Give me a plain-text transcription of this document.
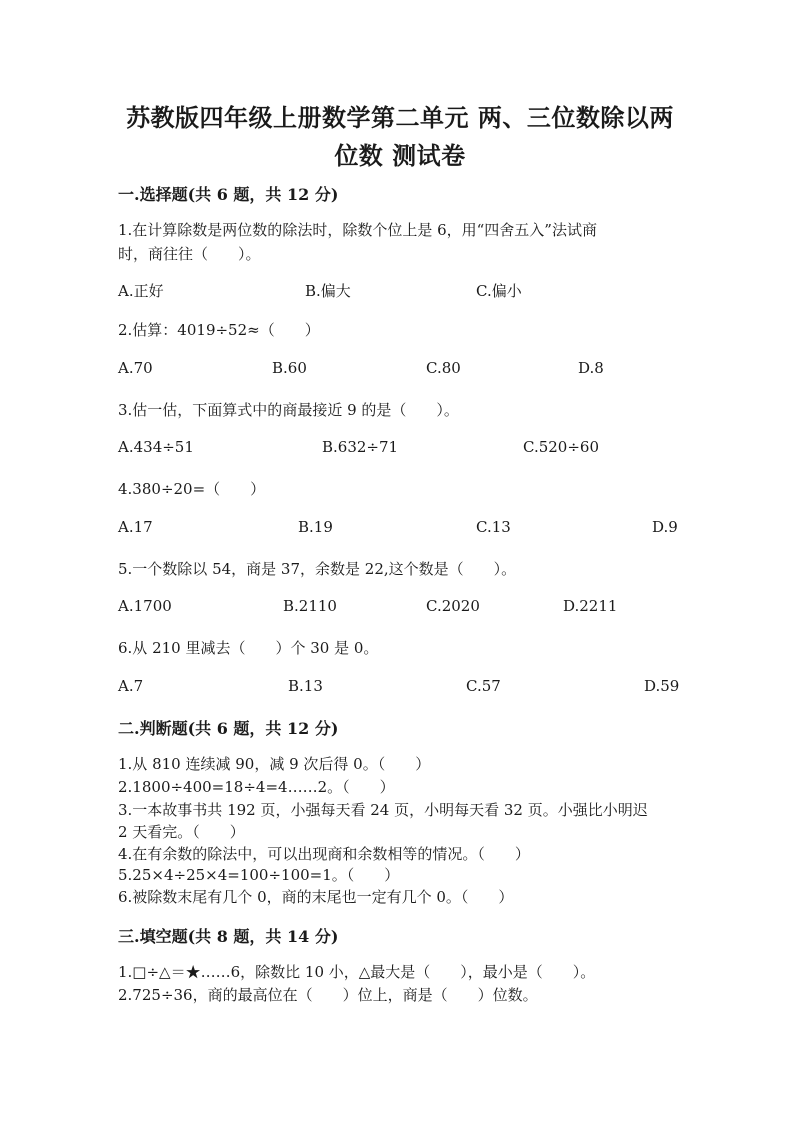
苏教版四年级上册数学第二单元 两、三位数除以两
位数 测试卷
一.选择题(共 6 题，共 12 分)
1.在计算除数是两位数的除法时，除数个位上是 6，用“四舍五入”法试商
时，商往往（　　）。
A.正好	B.偏大	C.偏小
2.估算：4019÷52≈（　　）
A.70	B.60	C.80	D.8
3.估一估，下面算式中的商最接近 9 的是（　　）。
A.434÷51	B.632÷71	C.520÷60
4.380÷20=（　　）
A.17	B.19	C.13	D.9
5.一个数除以 54，商是 37，余数是 22,这个数是（　　）。
A.1700	B.2110	C.2020	D.2211
6.从 210 里减去（　　）个 30 是 0。
A.7	B.13	C.57	D.59
二.判断题(共 6 题，共 12 分)
1.从 810 连续减 90，减 9 次后得 0。（　　）
2.1800÷400=18÷4=4……2。（　　）
3.一本故事书共 192 页，小强每天看 24 页，小明每天看 32 页。小强比小明迟
2 天看完。（　　）
4.在有余数的除法中，可以出现商和余数相等的情况。（　　）
5.25×4÷25×4=100÷100=1。（　　）
6.被除数末尾有几个 0，商的末尾也一定有几个 0。（　　）
三.填空题(共 8 题，共 14 分)
1.□÷△＝★……6，除数比 10 小，△最大是（　　），最小是（　　）。
2.725÷36，商的最高位在（　　）位上，商是（　　）位数。
